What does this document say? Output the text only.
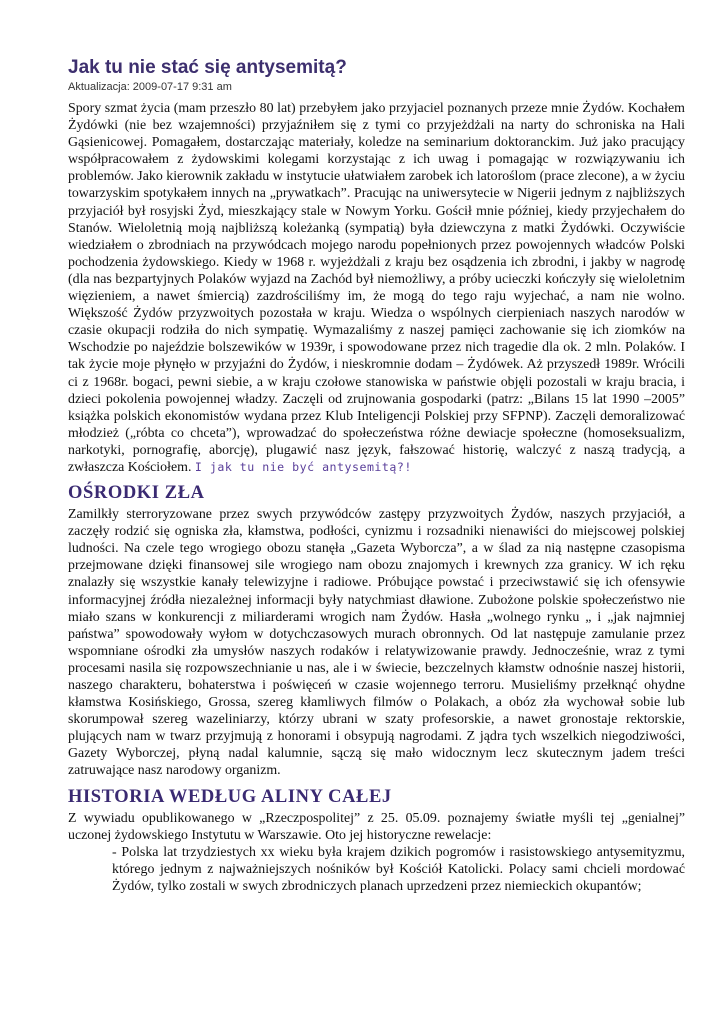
Jak tu nie stać się antysemitą?
Aktualizacja: 2009-07-17 9:31 am

Spory szmat życia (mam przeszło 80 lat) przebyłem jako przyjaciel poznanych przeze mnie Żydów. Kochałem Żydówki (nie bez wzajemności) przyjaźniłem się z tymi co przyjeżdżali na narty do schroniska na Hali Gąsienicowej. Pomagałem, dostarczając materiały, koledze na seminarium doktoranckim. Już jako pracujący współpracowałem z żydowskimi kolegami korzystając z ich uwag i pomagając w rozwiązywaniu ich problemów. Jako kierownik zakładu w instytucie ułatwiałem zarobek ich latoroślom (prace zlecone), a w życiu towarzyskim spotykałem innych na „prywatkach”. Pracując na uniwersytecie w Nigerii jednym z najbliższych przyjaciół był rosyjski Żyd, mieszkający stale w Nowym Yorku. Gościł mnie później, kiedy przyjechałem do Stanów. Wieloletnią moją najbliższą koleżanką (sympatią) była dziewczyna z matki Żydówki. Oczywiście wiedziałem o zbrodniach na przywódcach mojego narodu popełnionych przez powojennych władców Polski pochodzenia żydowskiego. Kiedy w 1968 r. wyjeżdżali z kraju bez osądzenia ich zbrodni, i jakby w nagrodę (dla nas bezpartyjnych Polaków wyjazd na Zachód był niemożliwy, a próby ucieczki kończyły się wieloletnim więzieniem, a nawet śmiercią) zazdrościliśmy im, że mogą do tego raju wyjechać, a nam nie wolno. Większość Żydów przyzwoitych pozostała w kraju. Wiedza o wspólnych cierpieniach naszych narodów w czasie okupacji rodziła do nich sympatię. Wymazaliśmy z naszej pamięci zachowanie się ich ziomków na Wschodzie po najeździe bolszewików w 1939r, i spowodowane przez nich tragedie dla ok. 2 mln. Polaków. I tak życie moje płynęło w przyjaźni do Żydów, i nieskromnie dodam – Żydówek. Aż przyszedł 1989r. Wrócili ci z 1968r. bogaci, pewni siebie, a w kraju czołowe stanowiska w państwie objęli pozostali w kraju bracia, i dzieci pokolenia powojennej władzy. Zaczęli od zrujnowania gospodarki (patrz: „Bilans 15 lat 1990 –2005” książka polskich ekonomistów wydana przez Klub Inteligencji Polskiej przy SFPNP). Zaczęli demoralizować młodzież („róbta co chceta”), wprowadzać do społeczeństwa różne dewiacje społeczne (homoseksualizm, narkotyki, pornografię, aborcję), plugawić nasz język, fałszować historię, walczyć z naszą tradycją, a zwłaszcza Kościołem. I jak tu nie być antysemitą?!

OŚRODKI ZŁA

Zamilkły sterroryzowane przez swych przywódców zastępy przyzwoitych Żydów, naszych przyjaciół, a zaczęły rodzić się ogniska zła, kłamstwa, podłości, cynizmu i rozsadniki nienawiści do miejscowej polskiej ludności. Na czele tego wrogiego obozu stanęła „Gazeta Wyborcza”, a w ślad za nią następne czasopisma przejmowane dzięki finansowej sile wrogiego nam obozu znajomych i krewnych zza granicy. W ich ręku znalazły się wszystkie kanały telewizyjne i radiowe. Próbujące powstać i przeciwstawić się ich ofensywie informacyjnej źródła niezależnej informacji były natychmiast dławione. Zubożone polskie społeczeństwo nie miało szans w konkurencji z miliarderami wrogich nam Żydów. Hasła „wolnego rynku „ i „jak najmniej państwa” spowodowały wyłom w dotychczasowych murach obronnych. Od lat następuje zamulanie przez wspomniane ośrodki zła umysłów naszych rodaków i relatywizowanie prawdy. Jednocześnie, wraz z tymi procesami nasila się rozpowszechnianie u nas, ale i w świecie, bezczelnych kłamstw odnośnie naszej historii, naszego charakteru, bohaterstwa i poświęceń w czasie wojennego terroru. Musieliśmy przełknąć ohydne kłamstwa Kosińskiego, Grossa, szereg kłamliwych filmów o Polakach, a obóz zła wychował sobie lub skorumpował szereg wazeliniarzy, którzy ubrani w szaty profesorskie, a nawet gronostaje rektorskie, plujących nam w twarz przyjmują z honorami i obsypują nagrodami. Z jądra tych wszelkich niegodziwości, Gazety Wyborczej, płyną nadal kalumnie, sączą się mało widocznym lecz skutecznym jadem treści zatruwające nasz narodowy organizm.

HISTORIA WEDŁUG ALINY CAŁEJ

Z wywiadu opublikowanego w „Rzeczpospolitej” z 25. 05.09. poznajemy światłe myśli tej „genialnej” uczonej żydowskiego Instytutu w Warszawie. Oto jej historyczne rewelacje:

- Polska lat trzydziestych xx wieku była krajem dzikich pogromów i rasistowskiego antysemityzmu, którego jednym z najważniejszych nośników był Kościół Katolicki. Polacy sami chcieli mordować Żydów, tylko zostali w swych zbrodniczych planach uprzedzeni przez niemieckich okupantów;
